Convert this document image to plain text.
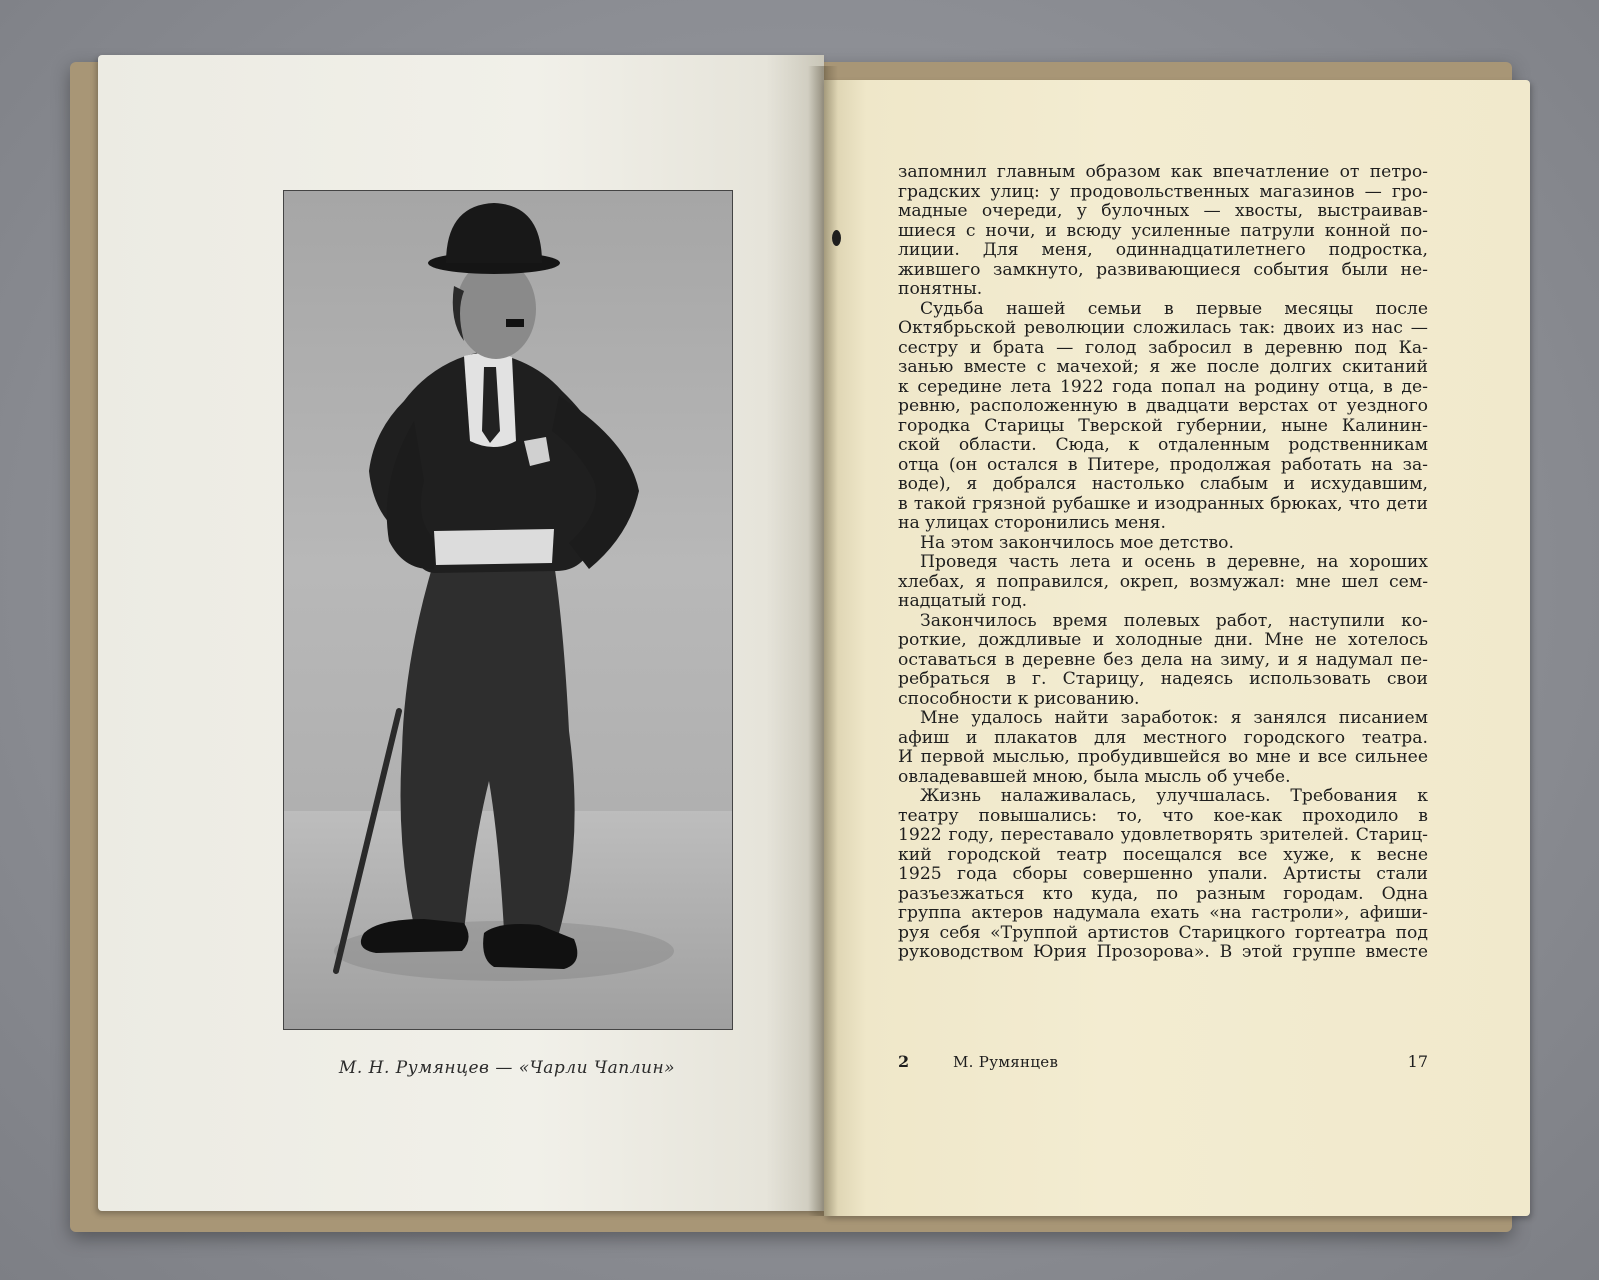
М. Н. Румянцев — «Чарли Чаплин»
запомнил главным образом как впечатление от петро-
градских улиц: у продовольственных магазинов — гро-
мадные очереди, у булочных — хвосты, выстраивав-
шиеся с ночи, и всюду усиленные патрули конной по-
лиции. Для меня, одиннадцатилетнего подростка,
жившего замкнуто, развивающиеся события были не-
понятны.
Судьба нашей семьи в первые месяцы после
Октябрьской революции сложилась так: двоих из нас —
сестру и брата — голод забросил в деревню под Ка-
занью вместе с мачехой; я же после долгих скитаний
к середине лета 1922 года попал на родину отца, в де-
ревню, расположенную в двадцати верстах от уездного
городка Старицы Тверской губернии, ныне Калинин-
ской области. Сюда, к отдаленным родственникам
отца (он остался в Питере, продолжая работать на за-
воде), я добрался настолько слабым и исхудавшим,
в такой грязной рубашке и изодранных брюках, что дети
на улицах сторонились меня.
На этом закончилось мое детство.
Проведя часть лета и осень в деревне, на хороших
хлебах, я поправился, окреп, возмужал: мне шел сем-
надцатый год.
Закончилось время полевых работ, наступили ко-
роткие, дождливые и холодные дни. Мне не хотелось
оставаться в деревне без дела на зиму, и я надумал пе-
ребраться в г. Старицу, надеясь использовать свои
способности к рисованию.
Мне удалось найти заработок: я занялся писанием
афиш и плакатов для местного городского театра.
И первой мыслью, пробудившейся во мне и все сильнее
овладевавшей мною, была мысль об учебе.
Жизнь налаживалась, улучшалась. Требования к
театру повышались: то, что кое-как проходило в
1922 году, переставало удовлетворять зрителей. Стариц-
кий городской театр посещался все хуже, к весне
1925 года сборы совершенно упали. Артисты стали
разъезжаться кто куда, по разным городам. Одна
группа актеров надумала ехать «на гастроли», афиши-
руя себя «Труппой артистов Старицкого гортеатра под
руководством Юрия Прозорова». В этой группе вместе
2	М. Румянцев	17
